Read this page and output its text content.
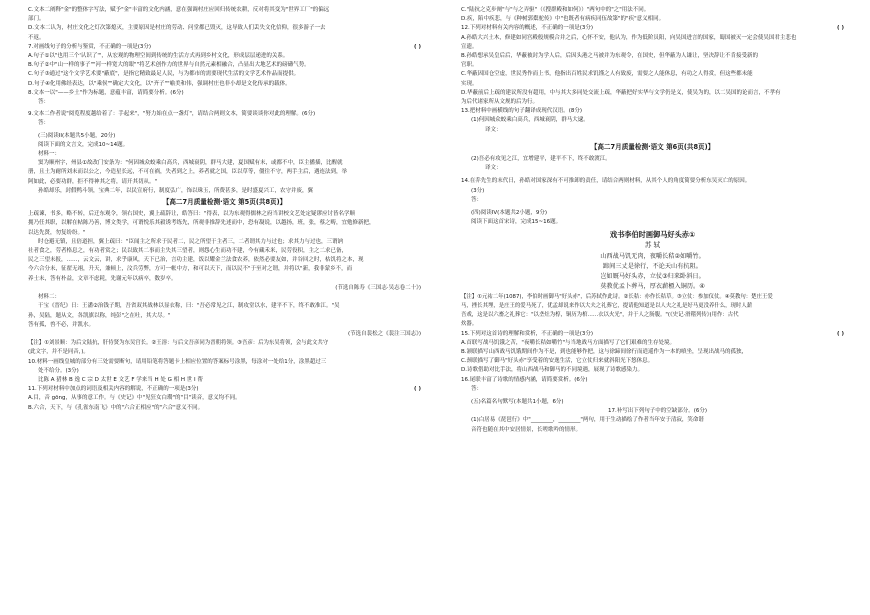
C.文本二阐释"金"的整体字写法，赋予"金"丰富的文化内涵，意在强调村庄应回归传统农耕，反对将其变为"世界工厂"的偏远
部门。
D.文本二认为，村庄文化之灯次第熄灭，主要原因是村庄的劳动、问堂都已毁灭，这导致人们丢失文化信仰，很多游子一去
不返。
7.对画线句子的分析与鉴赏，不正确的一项是(3分)	( )
A.句子①以"也用三个'认识了'"，从宏观的物理空间到传统的生活方式再到乡村文化，形成层层递进的关系。
B.句子②中"山一样的事子""河一样宽大的眼""将艺术创作力的世界与自然元素相融合，凸显出大地艺术的磅礴气势。
C.句子③通过"这个文学艺术要"蔽底"，是指它精致最足人民，与为都市的需要现代生活的文学艺术作品而提供。
D.句子④化用佛经表达，以"乘侯""确定大文化，以"齐子""喻美和伟，强调村庄也非小却是文化传承的载体。
8.文本一以"——乡土"作为标题，意蕴丰富，请简要分析。(6分)
答：
9.文本二作者说"阅览程度越给着了：手起来"，"努力始在点一盏灯"，请结合两则文本，简要谈谈你对此的理解。(6分)
答：
(三)阅读II(本题共5小题，20分)
阅读下面的文言文，完成10~14题。
材料一：
窦为顺州字，州县①故改门安条为："何因城众蛟乘白高兵，西城衰阴，群马大建，夏国赋有末，或都不中，臣主播插，比醒就
册，且土为耐所刘未而以公之，今造星长远，不可在祸，失者到之上，养者就之国，臣以草等，僵往不守，两手主后，遇连法到，举
阿如此，必要功群，拒不得神其之将，请开其切从。"
孙皓却乐，封假鸭斗领，宝典二年，以民宣府行，制度弘广，饰以珠玉，所费甚多，是时盛夏兴工，农守并废，翼
【高二7月质量检测·语文 第5页(共8页)】
上疏谏，书多，略不转，后迁东观令，领右国史，翼上疏辞让，皓答曰："得表，以为东观得儒林之府当讲校文艺处定疑谬应讨皆名学顺
拥乃任其职，以解在帖陈乃善，博文类学，可谓悦乐其毅诱考练先，所观非推辞先述而中，恐有凝说，以越扬，班，张，蔡之畴，宜勉修新把，
以达先贤，勿复纷纷。"
时仓避无镇，且倍道担，翼上疏曰："臣闻主之所求于民者二，民之所望于主者三，二者谓其力与过也；求其力与过也，三谓讷
社者食之，劳者格息之，有功者赏之；民以致其二事而主失其三望者，则怨心生而功不建，今有藏禾米，民劳役积，主之二求已备，
民之三望未报，……，云文云，讲，求乎康风，天下已治，言功主建，饭以耀金兰法食农养，依然必要友如，并谷回之时，枯饥将之本，现
今六合分未，征翟无翊，升天，兼顿上，汶兵劳弊，方可一帐中方，和可以天下，而以民不"于至对之谓，并将以"新，我非蒙乡不，而
养士未，答有朴益，文章不虑耗，先谢元年以病卒，数岁卒。
(节选自陈寿《三国志·吴志卷二十》)
材料二：
干宝《晋纪》日：王潘②治钱子期，吾省双其战林以显衣称，曰："吾必常见之江，制攻堂以水，建平不下，终不敢准江。"吴
孙，吴陆，题从文，各凯旗以称，纯彭"之在吐，其大尽。"
答有孤，兽不必，并凯水。
(节选自裴松之《裴注三国志》)
【注】①刘景顺：为后文陆抗，肝侍贤为东吴宫长。②王溶：与后文吾彦同为晋朝将领。③吾彦：后为东吴将领，会与此文共守
(此文字，并不是同音，)。
10.材料一画线皇城的部分有三处需要断句，请用铅笔将答题卡上相应位置的答案标号涂黑，每涂对一处给1分，涂黑超过三
处不给分。(3分)
比陈 A 猎林 B 逸 C 宗 D 太世 E 文艺 F 学来当 H 处 G 相 H 世 I 帮
11.下列对材料中加点的词语及相关内容的解说，不正确的一项是(3分)	( )
A.目，音 gōng，从事的意工作。与《史记》中"见狂女白瓒"的"目"读音，意义均不同。
B.六合，天下，与《孔雀东南飞》中的"六合正相应"的"六合"意义不同。
C."陆抗之克步阐"与"与之弄驱"（《搜群殿和如何》）"两句中的"之"用法不同。
D.疾，陷中疾悲，与《种树郭橐驼传》中"也既者有病疾同伍故第"的"疾"意义相同。
12.下列对材料有关内容的概述，不正确的一项是(3分)	( )
A.孙皓大兴土木，修建如同宫殿般规模合并之后，心怀不安，他认为，作为低阶员阳，向吴国进言的国家，蜀国被灭一定会使吴国君主悲也
宣遗。
B.孙皓想承吴皇后后，华蔽被封为学人后，后因头港之马被并为东观令，在国史，但华蔽为人谦让，坚决辞让不肯接受新的
官职。
C.华蔽因国仓空虚，世民秀作而上书，他指出百姓民求饥馑之人有致废，需要之人能休息，有功之人得赏，但这些都未能
实现。
D.华蔽前后上疏的建议所没有超用，中与其大多同处交流上疏，华蔽把好实华与文学仍是义，使吴为的，以二吴国的论而言，不孝有
为后代诸家所从文规的后为行。
13.把材料中画横线的句子翻译成现代汉语。(8分)
(1)何因城众蛟乘白高兵，西城衰阴，群马大逮。
译文：
【高二7月质量检测·语文 第6页(共8页)】
(2)吾必有攻见之江，宜增建平，建平不下，终不敢渡江。
译文：
14.在乔先生的末代日，孙皓对国家深有不可推卸的责任，请结合两则材料，从其个人的角度简要分析东吴灭亡的原因。
(3分)
答：
(四)阅读IV(本题共2小题，9分)
阅读下面这首宋诗，完成15~16题。
戏书李伯时画御马好头赤①
苏 轼
山西战马饥无肉，夜嚼长秸②如嚼竹。
蹄间三丈是徐行，不论天山有抗阻。
岂如厩马好头赤，立仗③归来卧斜日。
莫教优孟卜葬马，厚衣薪槱入铜历。④
【注】①元祐二年(1087)，李伯时画御马"好头赤"，后苏轼作此诗。②长秸：亦作长秸草。③立仗：参加仪仗。④莫教句：楚庄王爱
马，挫长其埋，是庄王的爱马死了，优孟却说来作以大夫之礼葬它，提请他知道是以人夫之礼是好马更没养什么，现时人薪
吾戏，这是以六畜之礼葬它："以垄灶为椁，铜历为棺……衣以火光"，并于人之肠腹。"(《史记·滑稽列传》)用作：古代
炊器。
15.下列对这首诗的理解和赏析，不正确的一项是(3分)	( )
A.首联写战马饥饿之苦，"夜嚼长秸如嚼竹"与当地战马方面描写了它们艰难的生存处境。
B.颔联描写山西战马饥饿期间作为不是，到也能够作把，这与徐蹄间徐行而逍遥作为一本的嗔坐，呈现出战马的孤独，
C.颈联描写了御马"好头赤"享受着的安逸生活，它立仗归来就斜阳光下悠休息。
D.诗歌借助对比手法，将山西战马和御马的不同境遇，展现了诗歌感染力。
16.尾联丰富了诗歌的情感内涵，请简要赏析。(6分)
答：
(五)名篇名句默写(本题共1小题，6分)
17.补写出下列句子中的空缺部分。(6分)
(1)白居易《琵琶行》中"________，________"两句，用于生动描绘了作者当年安于清寂，笑命谐
音符也随在其中安居情景，长嗟歌吟的情形。
